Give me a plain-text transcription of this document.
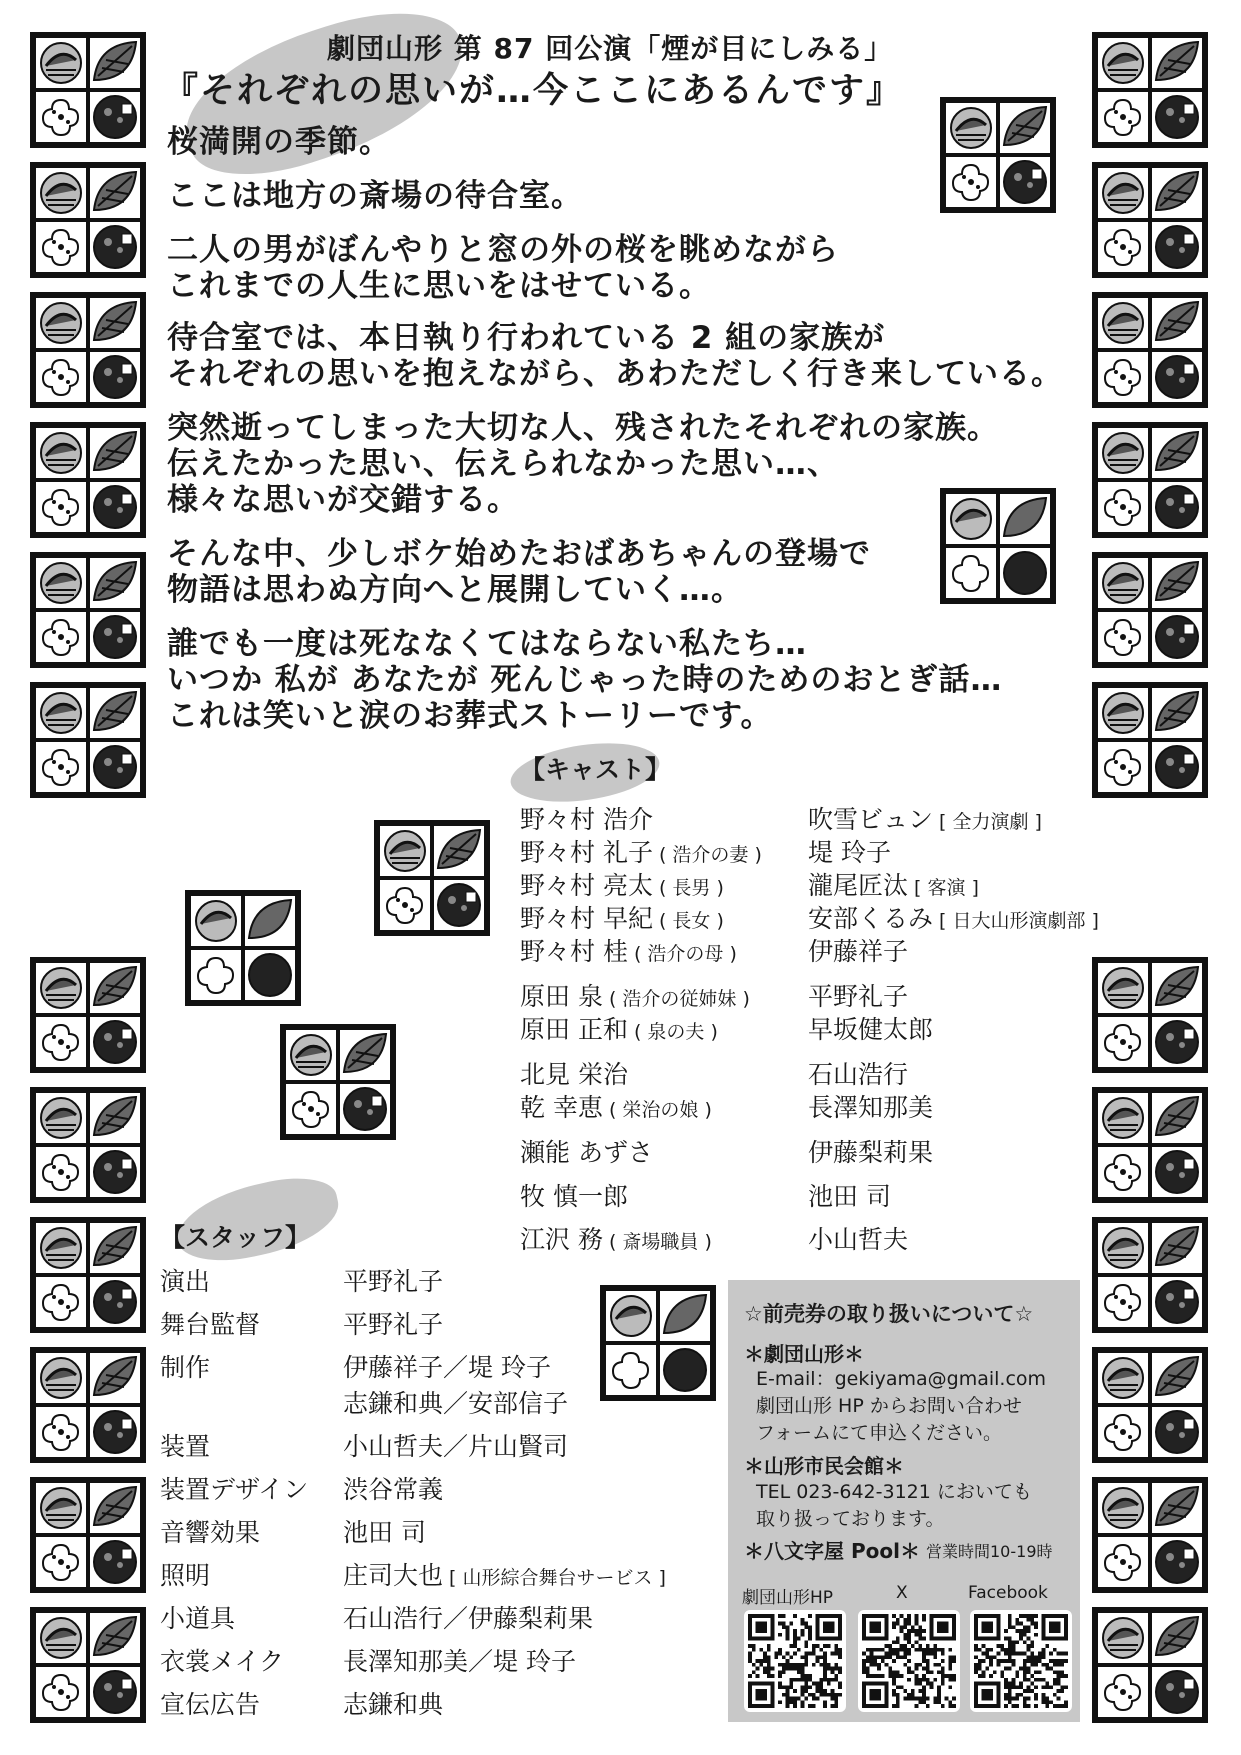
劇団山形 第 87 回公演「煙が目にしみる」
『それぞれの思いが…今ここにあるんです』
桜満開の季節。
ここは地方の斎場の待合室。
二人の男がぼんやりと窓の外の桜を眺めながら
これまでの人生に思いをはせている。
待合室では、本日執り行われている 2 組の家族が
それぞれの思いを抱えながら、あわただしく行き来している。
突然逝ってしまった大切な人、残されたそれぞれの家族。
伝えたかった思い、伝えられなかった思い…、
様々な思いが交錯する。
そんな中、少しボケ始めたおばあちゃんの登場で
物語は思わぬ方向へと展開していく…。
誰でも一度は死ななくてはならない私たち…
いつか 私が あなたが 死んじゃった時のためのおとぎ話…
これは笑いと涙のお葬式ストーリーです。
【キャスト】
野々村 浩介	吹雪ビュン [ 全力演劇 ]
野々村 礼子 ( 浩介の妻 ) 堤 玲子
野々村 亮太 ( 長男 )	瀧尾匠汰 [ 客演 ]
野々村 早紀 ( 長女 )	安部くるみ [ 日大山形演劇部 ]
野々村 桂 ( 浩介の母 )	伊藤祥子
原田 泉 ( 浩介の従姉妹 ) 平野礼子
原田 正和 ( 泉の夫 )	早坂健太郎
北見 栄治	石山浩行
乾 幸恵 ( 栄治の娘 )	長澤知那美
瀬能 あずさ	伊藤梨莉果
牧 慎一郎	池田 司
江沢 務 ( 斎場職員 )	小山哲夫
【スタッフ】
演出	平野礼子
舞台監督	平野礼子
制作	伊藤祥子／堤 玲子
志鎌和典／安部信子
装置	小山哲夫／片山賢司
装置デザイン 渋谷常義
音響効果	池田 司
照明	庄司大也 [ 山形綜合舞台サービス ]
小道具	石山浩行／伊藤梨莉果
衣裳メイク 長澤知那美／堤 玲子
宣伝広告	志鎌和典
☆前売券の取り扱いについて☆
＊劇団山形＊
E-mail：gekiyama@gmail.com
劇団山形 HP からお問い合わせ
フォームにて申込ください。
＊山形市民会館＊
TEL 023-642-3121 においても
取り扱っております。
＊八文字屋 Pool＊ 営業時間10-19時
劇団山形HP	X	Facebook
